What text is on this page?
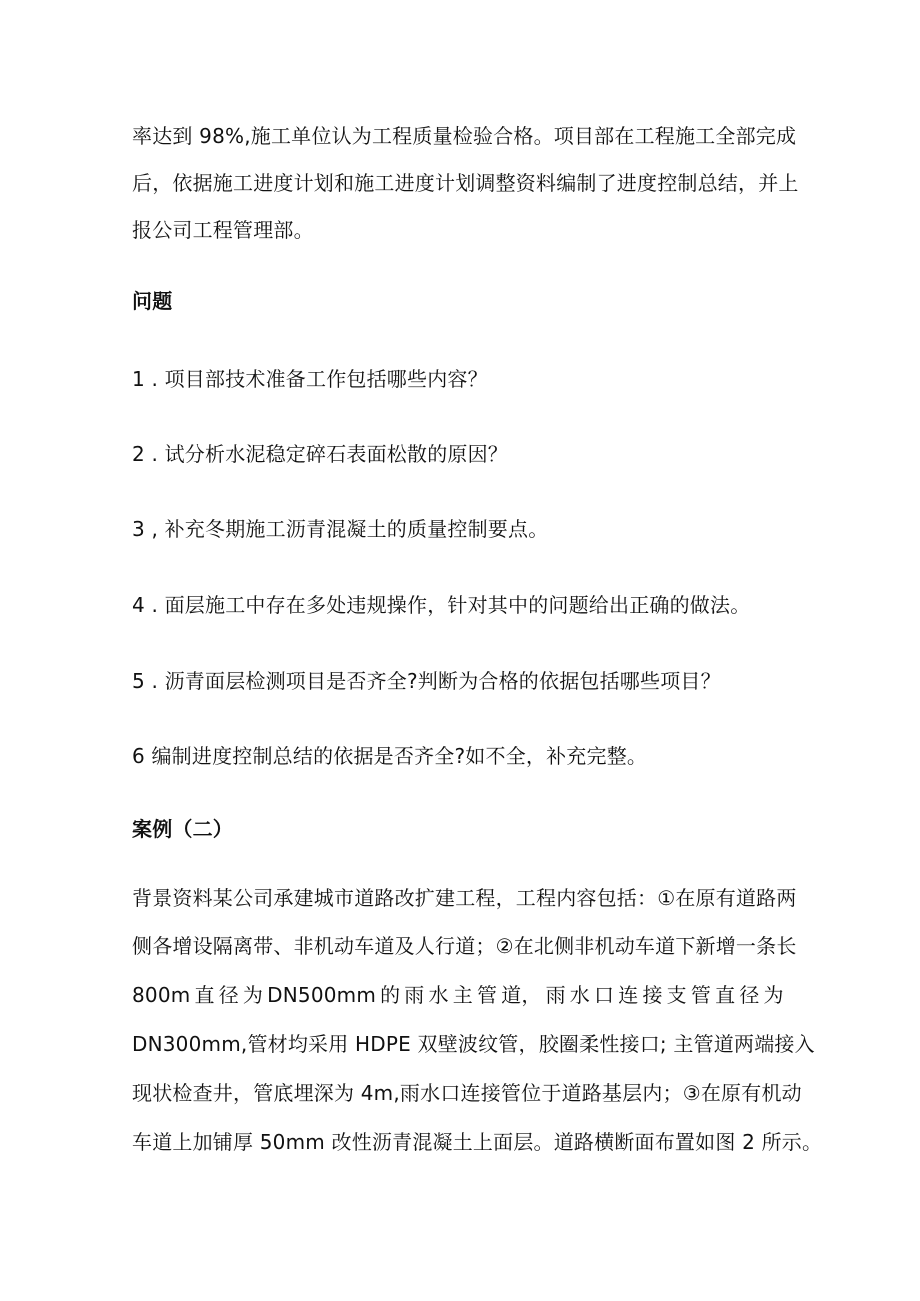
率达到 98%,施工单位认为工程质量检验合格。项目部在工程施工全部完成
后，依据施工进度计划和施工进度计划调整资料编制了进度控制总结，并上
报公司工程管理部。
问题
1 . 项目部技术准备工作包括哪些内容？
2 . 试分析水泥稳定碎石表面松散的原因？
3 , 补充冬期施工沥青混凝土的质量控制要点。
4 . 面层施工中存在多处违规操作，针对其中的问题给出正确的做法。
5 . 沥青面层检测项目是否齐全?判断为合格的依据包括哪些项目？
6 编制进度控制总结的依据是否齐全?如不全，补充完整。
案例（二）
背景资料某公司承建城市道路改扩建工程，工程内容包括：①在原有道路两
侧各增设隔离带、非机动车道及人行道；②在北侧非机动车道下新增一条长
800m 直 径 为 DN500mm 的 雨 水 主 管 道， 雨 水 口 连 接 支 管 直 径 为
DN300mm,管材均采用 HDPE 双壁波纹管，胶圈柔性接口; 主管道两端接入
现状检查井，管底埋深为 4m,雨水口连接管位于道路基层内；③在原有机动
车道上加铺厚 50mm 改性沥青混凝土上面层。道路横断面布置如图 2 所示。
